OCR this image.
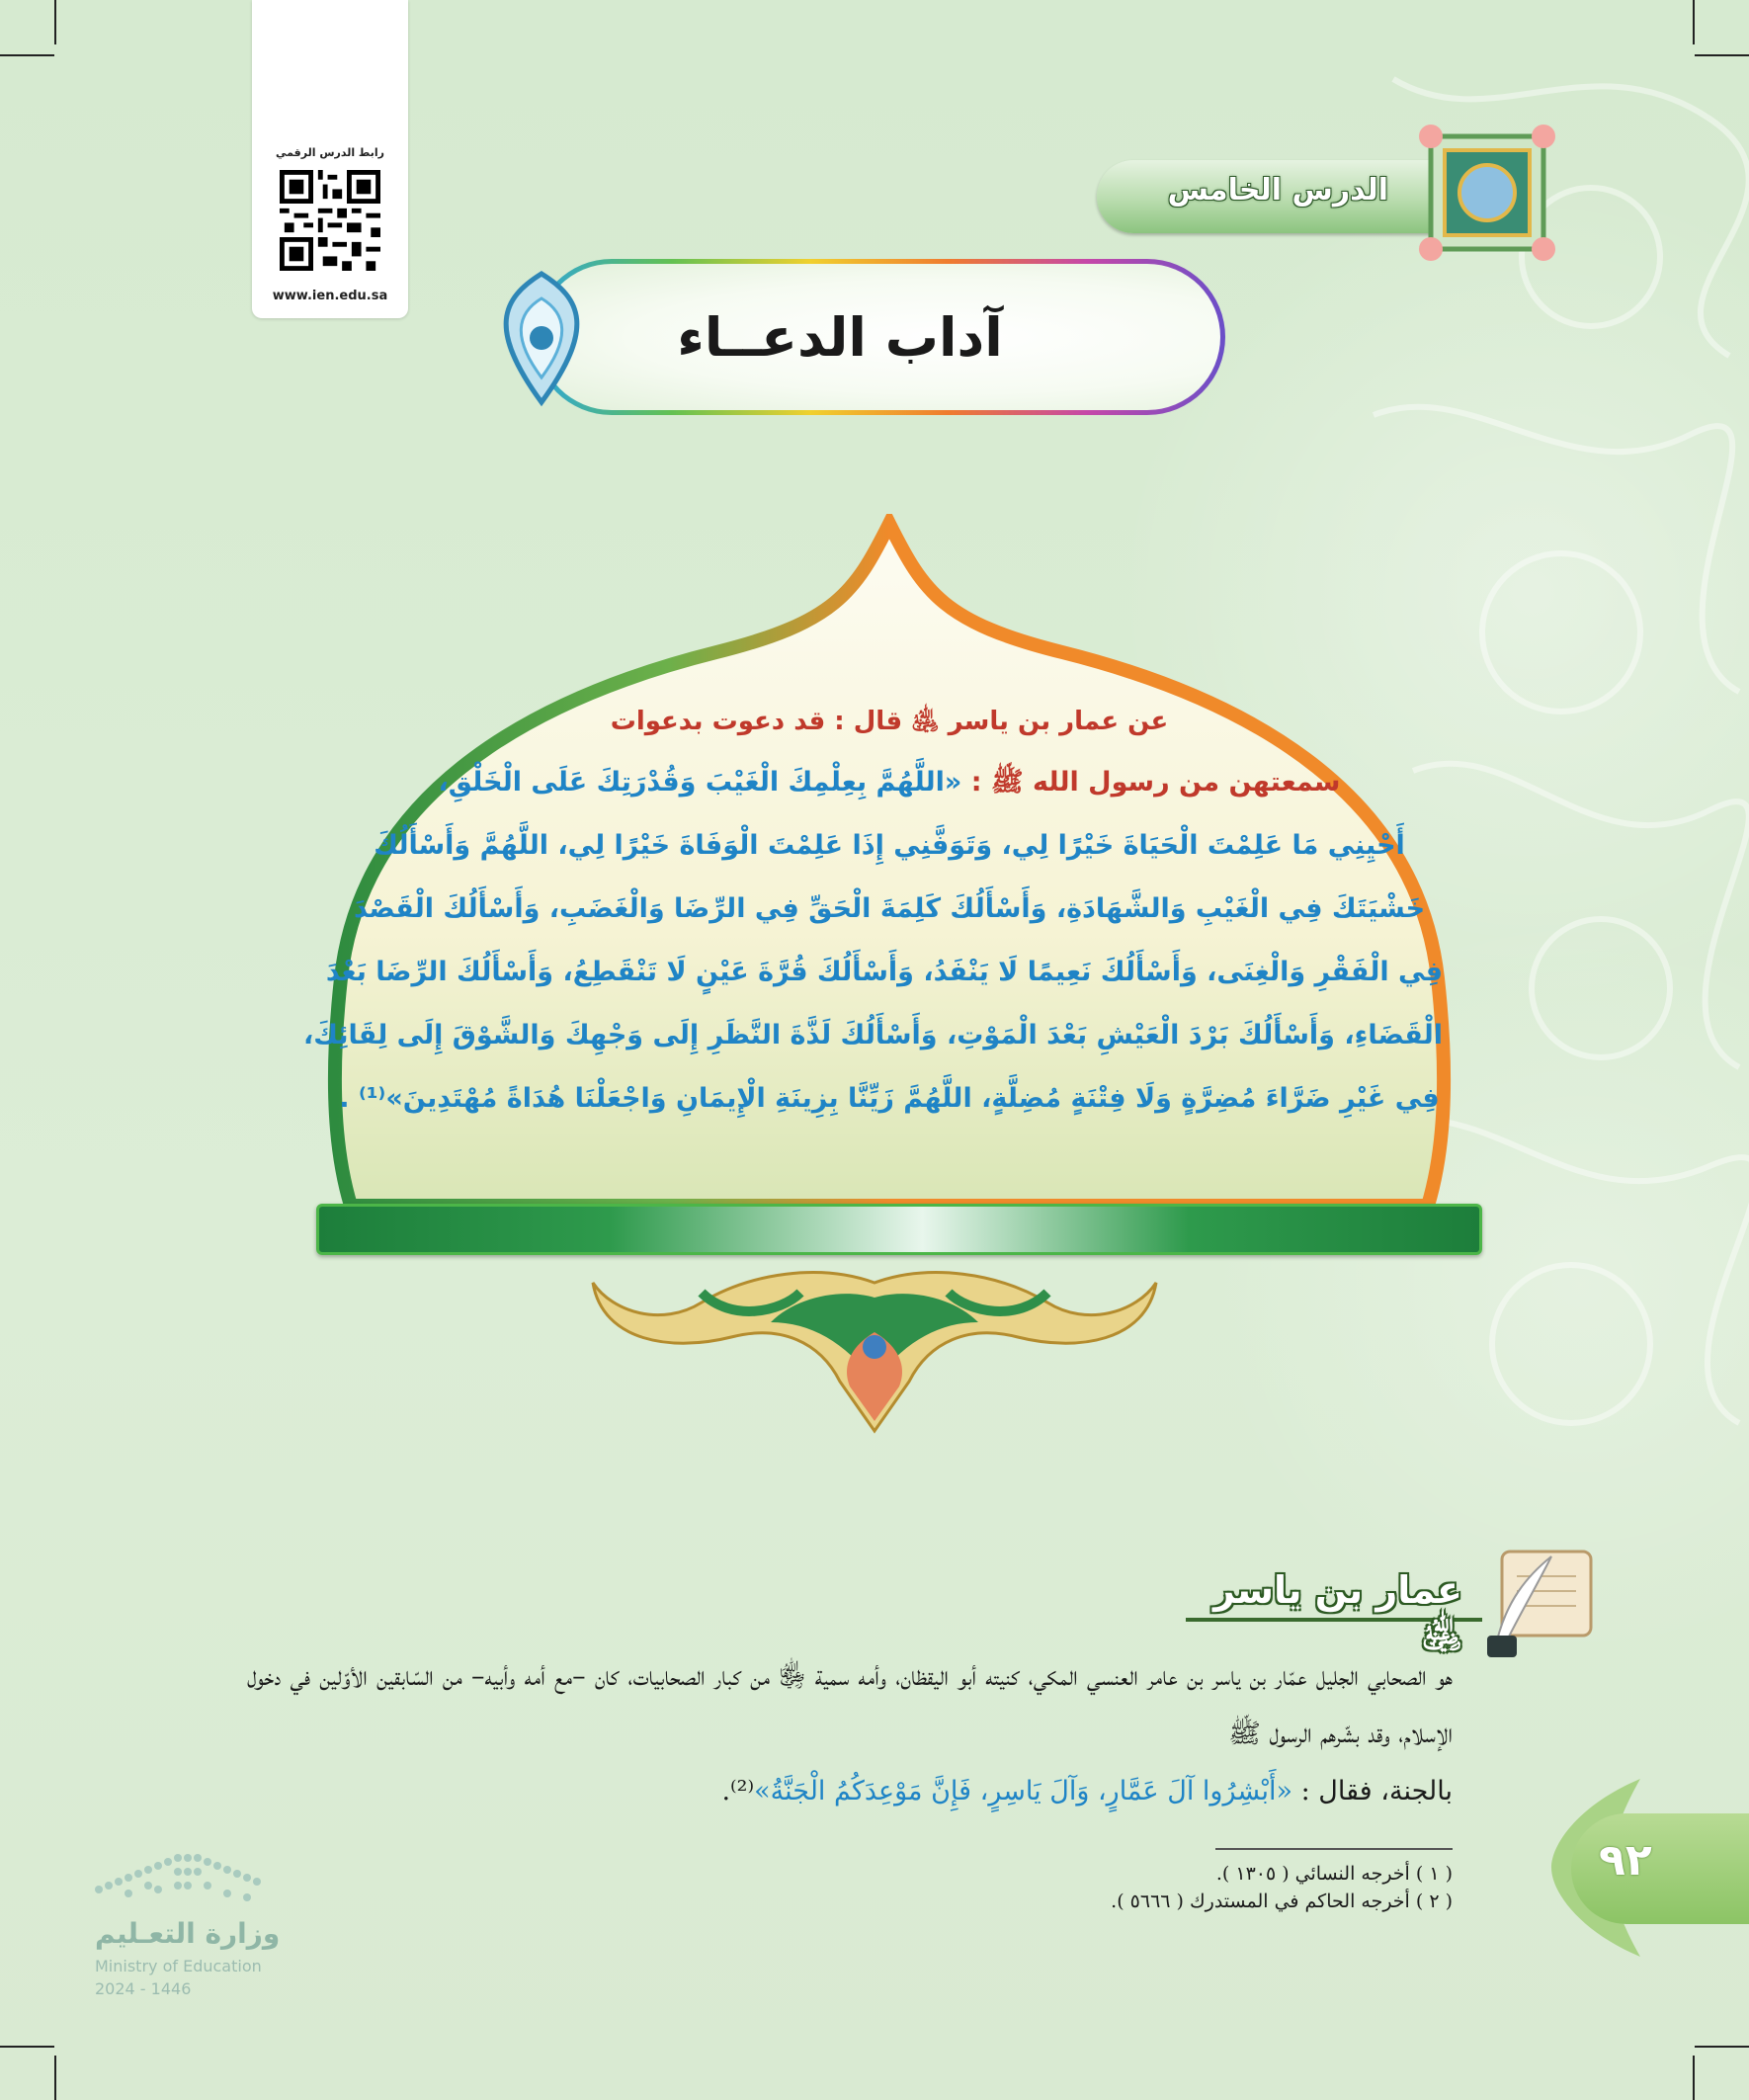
رابط الدرس الرقمي
www.ien.edu.sa
الدرس الخامس
آداب الدعــاء
عن عمار بن ياسر ﵁ قال : قد دعوت بدعوات
سمعتهن من رسول الله ﷺ : «اللَّهُمَّ بِعِلْمِكَ الْغَيْبَ وَقُدْرَتِكَ عَلَى الْخَلْقِ،
أَحْيِنِي مَا عَلِمْتَ الْحَيَاةَ خَيْرًا لِي، وَتَوَفَّنِي إِذَا عَلِمْتَ الْوَفَاةَ خَيْرًا لِي، اللَّهُمَّ وَأَسْأَلُكَ
خَشْيَتَكَ فِي الْغَيْبِ وَالشَّهَادَةِ، وَأَسْأَلُكَ كَلِمَةَ الْحَقِّ فِي الرِّضَا وَالْغَضَبِ، وَأَسْأَلُكَ الْقَصْدَ
فِي الْفَقْرِ وَالْغِنَى، وَأَسْأَلُكَ نَعِيمًا لَا يَنْفَدُ، وَأَسْأَلُكَ قُرَّةَ عَيْنٍ لَا تَنْقَطِعُ، وَأَسْأَلُكَ الرِّضَا بَعْدَ
الْقَضَاءِ، وَأَسْأَلُكَ بَرْدَ الْعَيْشِ بَعْدَ الْمَوْتِ، وَأَسْأَلُكَ لَذَّةَ النَّظَرِ إِلَى وَجْهِكَ وَالشَّوْقَ إِلَى لِقَائِكَ،
فِي غَيْرِ ضَرَّاءَ مُضِرَّةٍ وَلَا فِتْنَةٍ مُضِلَّةٍ، اللَّهُمَّ زَيِّنَّا بِزِينَةِ الْإِيمَانِ وَاجْعَلْنَا هُدَاةً مُهْتَدِينَ»⁽¹⁾ .
عمار بن ياسر ﵁
هو الصحابي الجليل عمّار بن ياسر بن عامر العنسي المكي، كنيته أبو اليقظان، وأمه سمية ﵂ من كبار الصحابيات، كان –مع أمه وأبيه– من السّابقين الأوّلين في دخول الإسلام، وقد بشّرهم الرسول ﷺ
بالجنة، فقال : «أَبْشِرُوا آلَ عَمَّارٍ، وَآلَ يَاسِرٍ، فَإِنَّ مَوْعِدَكُمُ الْجَنَّةُ»⁽²⁾.
( ١ ) أخرجه النسائي ( ١٣٠٥ ).
( ٢ ) أخرجه الحاكم في المستدرك ( ٥٦٦٦ ).
٩٢
وزارة التعـليم
Ministry of Education
2024 - 1446
